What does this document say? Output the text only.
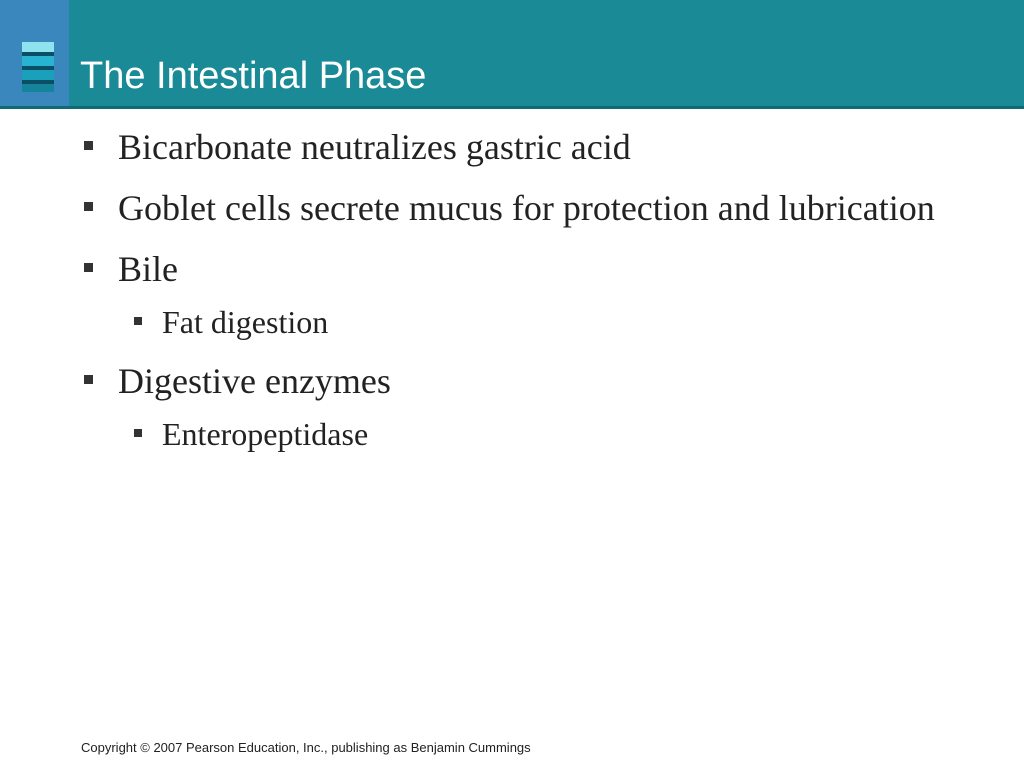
The Intestinal Phase
Bicarbonate neutralizes gastric acid
Goblet cells secrete mucus for protection and lubrication
Bile
Fat digestion
Digestive enzymes
Enteropeptidase
Copyright © 2007 Pearson Education, Inc., publishing as Benjamin Cummings
